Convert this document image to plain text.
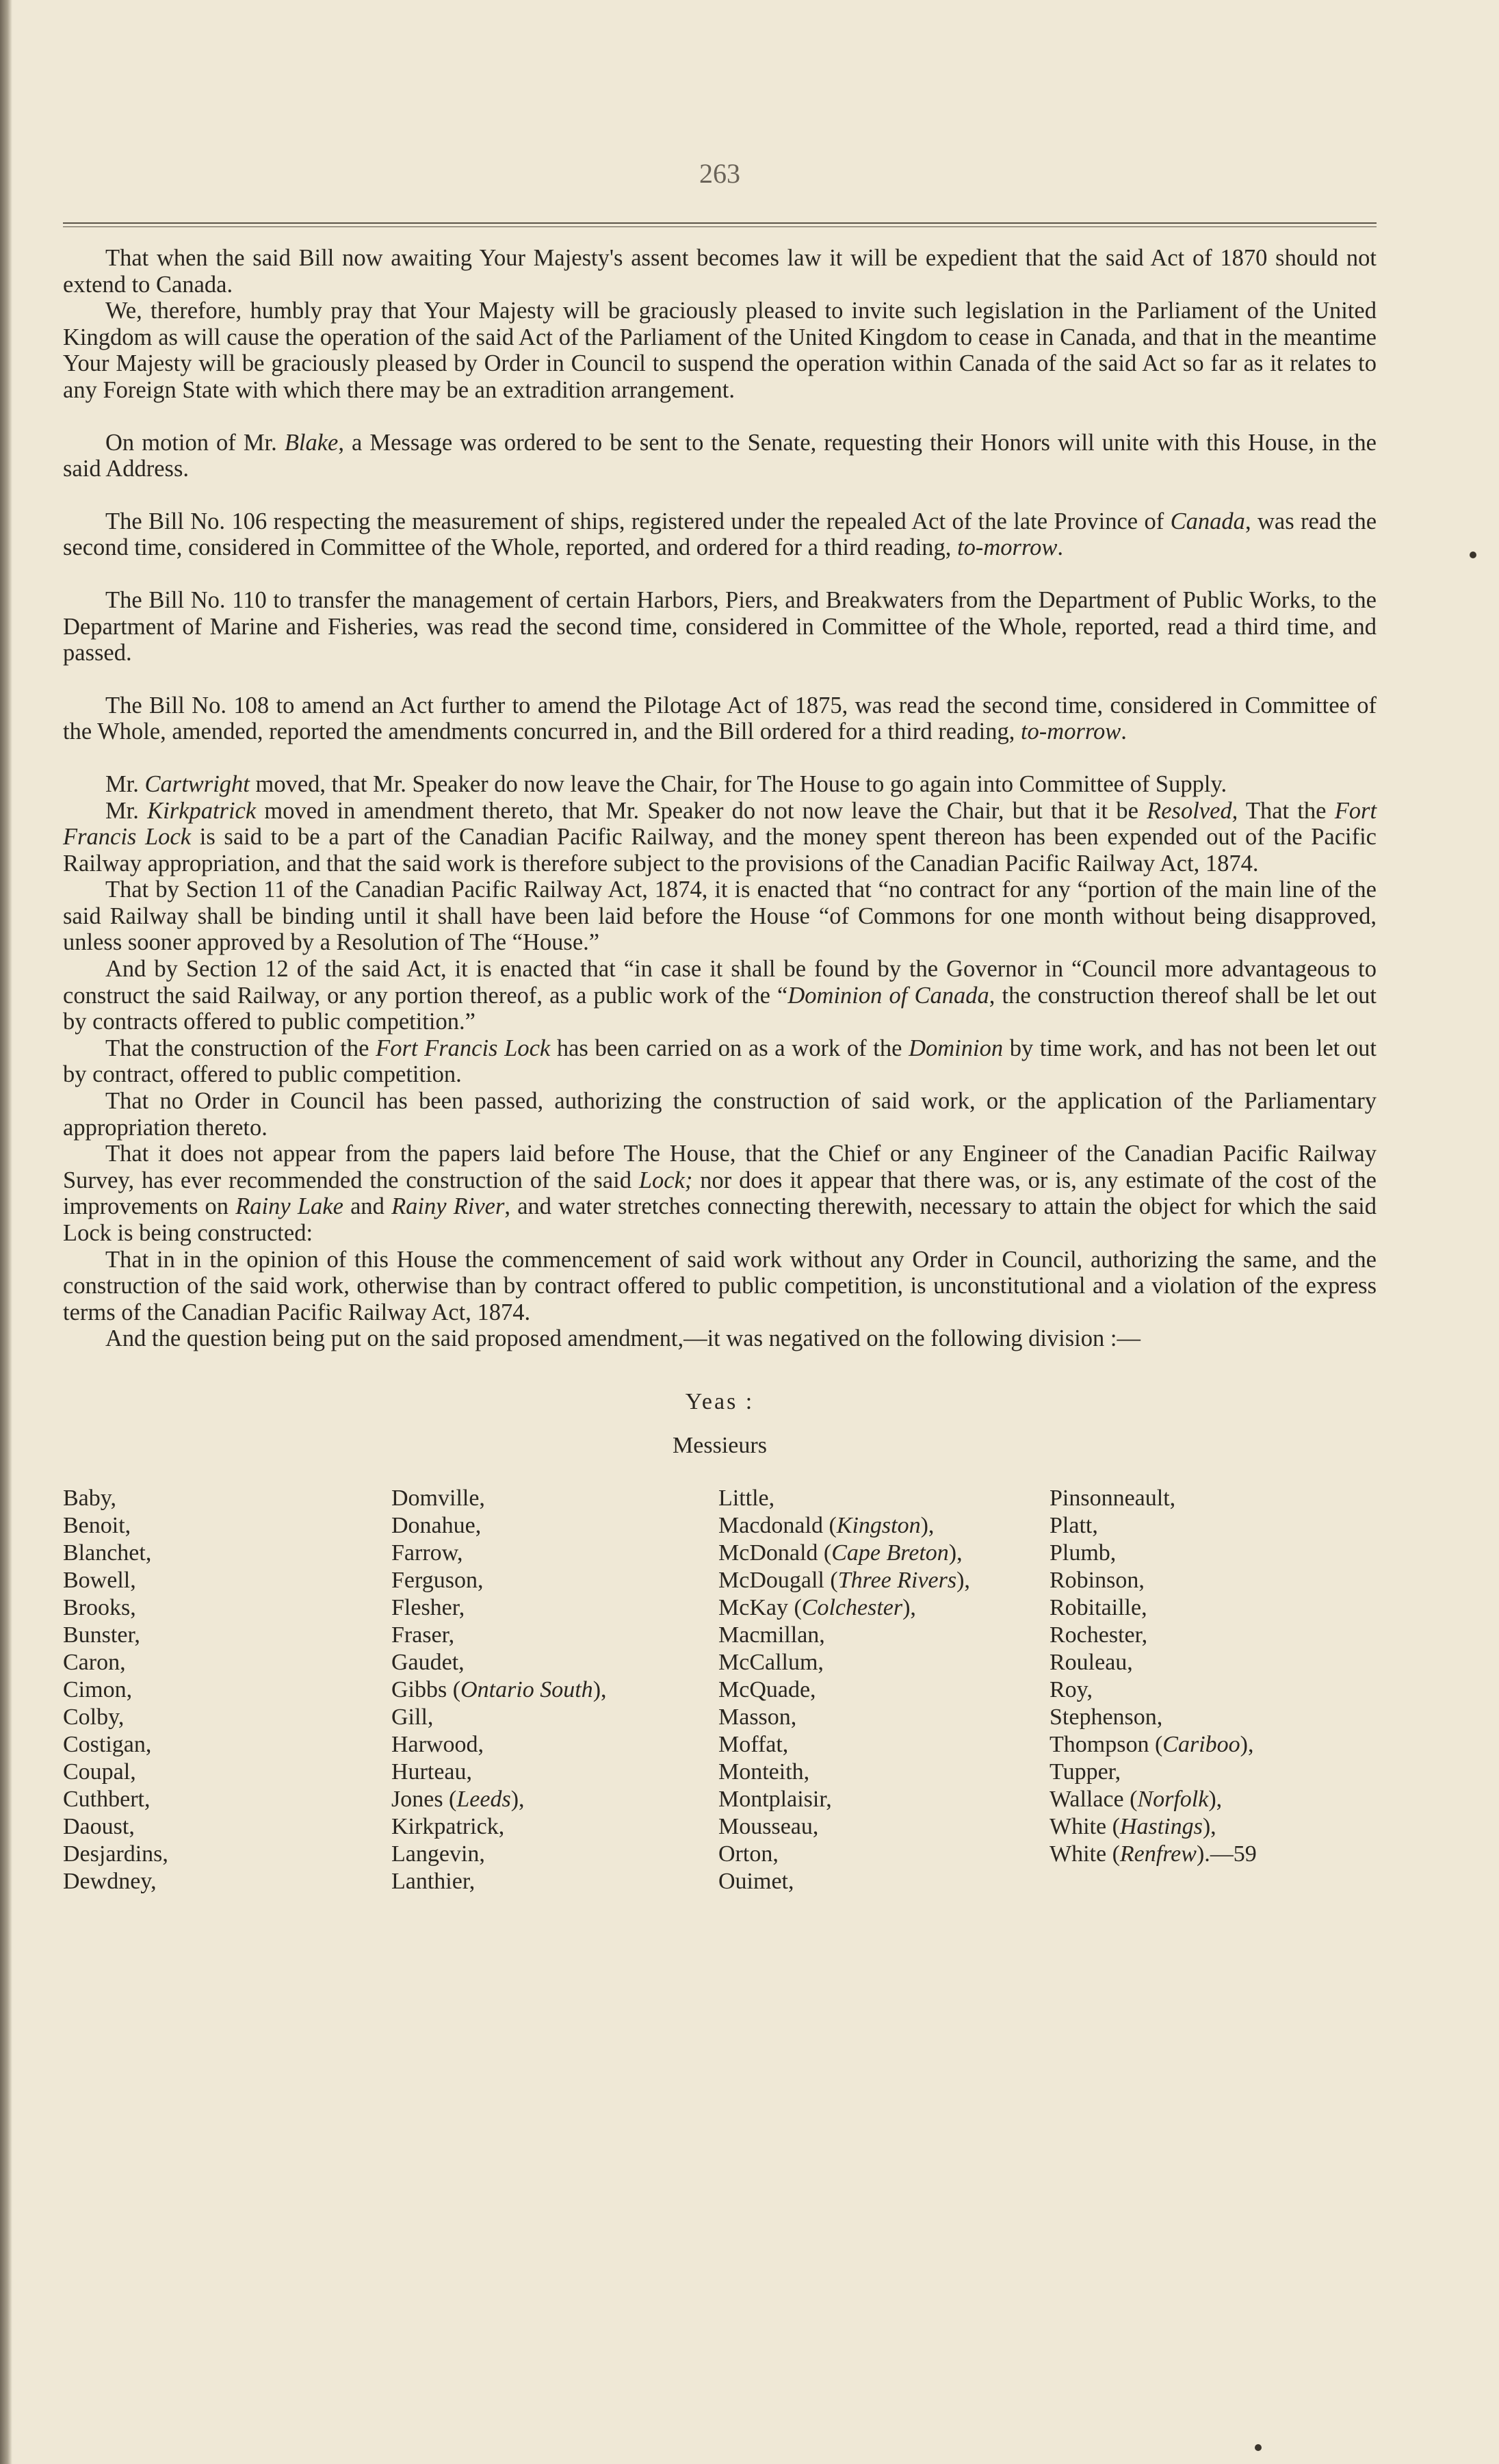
263

That when the said Bill now awaiting Your Majesty's assent becomes law it will be expedient that the said Act of 1870 should not extend to Canada.

We, therefore, humbly pray that Your Majesty will be graciously pleased to invite such legislation in the Parliament of the United Kingdom as will cause the operation of the said Act of the Parliament of the United Kingdom to cease in Canada, and that in the meantime Your Majesty will be graciously pleased by Order in Council to suspend the operation within Canada of the said Act so far as it relates to any Foreign State with which there may be an extradition arrangement.

On motion of Mr. Blake, a Message was ordered to be sent to the Senate, requesting their Honors will unite with this House, in the said Address.

The Bill No. 106 respecting the measurement of ships, registered under the repealed Act of the late Province of Canada, was read the second time, considered in Committee of the Whole, reported, and ordered for a third reading, to-morrow.

The Bill No. 110 to transfer the management of certain Harbors, Piers, and Breakwaters from the Department of Public Works, to the Department of Marine and Fisheries, was read the second time, considered in Committee of the Whole, reported, read a third time, and passed.

The Bill No. 108 to amend an Act further to amend the Pilotage Act of 1875, was read the second time, considered in Committee of the Whole, amended, reported the amendments concurred in, and the Bill ordered for a third reading, to-morrow.

Mr. Cartwright moved, that Mr. Speaker do now leave the Chair, for The House to go again into Committee of Supply.

Mr. Kirkpatrick moved in amendment thereto, that Mr. Speaker do not now leave the Chair, but that it be Resolved, That the Fort Francis Lock is said to be a part of the Canadian Pacific Railway, and the money spent thereon has been expended out of the Pacific Railway appropriation, and that the said work is therefore subject to the provisions of the Canadian Pacific Railway Act, 1874.

That by Section 11 of the Canadian Pacific Railway Act, 1874, it is enacted that “no contract for any “portion of the main line of the said Railway shall be binding until it shall have been laid before the House “of Commons for one month without being disapproved, unless sooner approved by a Resolution of The “House.”

And by Section 12 of the said Act, it is enacted that “in case it shall be found by the Governor in “Council more advantageous to construct the said Railway, or any portion thereof, as a public work of the “Dominion of Canada, the construction thereof shall be let out by contracts offered to public competition.”

That the construction of the Fort Francis Lock has been carried on as a work of the Dominion by time work, and has not been let out by contract, offered to public competition.

That no Order in Council has been passed, authorizing the construction of said work, or the application of the Parliamentary appropriation thereto.

That it does not appear from the papers laid before The House, that the Chief or any Engineer of the Canadian Pacific Railway Survey, has ever recommended the construction of the said Lock; nor does it appear that there was, or is, any estimate of the cost of the improvements on Rainy Lake and Rainy River, and water stretches connecting therewith, necessary to attain the object for which the said Lock is being constructed:

That in in the opinion of this House the commencement of said work without any Order in Council, authorizing the same, and the construction of the said work, otherwise than by contract offered to public competition, is unconstitutional and a violation of the express terms of the Canadian Pacific Railway Act, 1874.

And the question being put on the said proposed amendment,—it was negatived on the following division :—

Yeas :
Messieurs
Baby,
Benoit,
Blanchet,
Bowell,
Brooks,
Bunster,
Caron,
Cimon,
Colby,
Costigan,
Coupal,
Cuthbert,
Daoust,
Desjardins,
Dewdney,
Domville,
Donahue,
Farrow,
Ferguson,
Flesher,
Fraser,
Gaudet,
Gibbs (Ontario South),
Gill,
Harwood,
Hurteau,
Jones (Leeds),
Kirkpatrick,
Langevin,
Lanthier,
Little,
Macdonald (Kingston),
McDonald (Cape Breton),
McDougall (Three Rivers),
McKay (Colchester),
Macmillan,
McCallum,
McQuade,
Masson,
Moffat,
Monteith,
Montplaisir,
Mousseau,
Orton,
Ouimet,
Pinsonneault,
Platt,
Plumb,
Robinson,
Robitaille,
Rochester,
Rouleau,
Roy,
Stephenson,
Thompson (Cariboo),
Tupper,
Wallace (Norfolk),
White (Hastings),
White (Renfrew).—59
